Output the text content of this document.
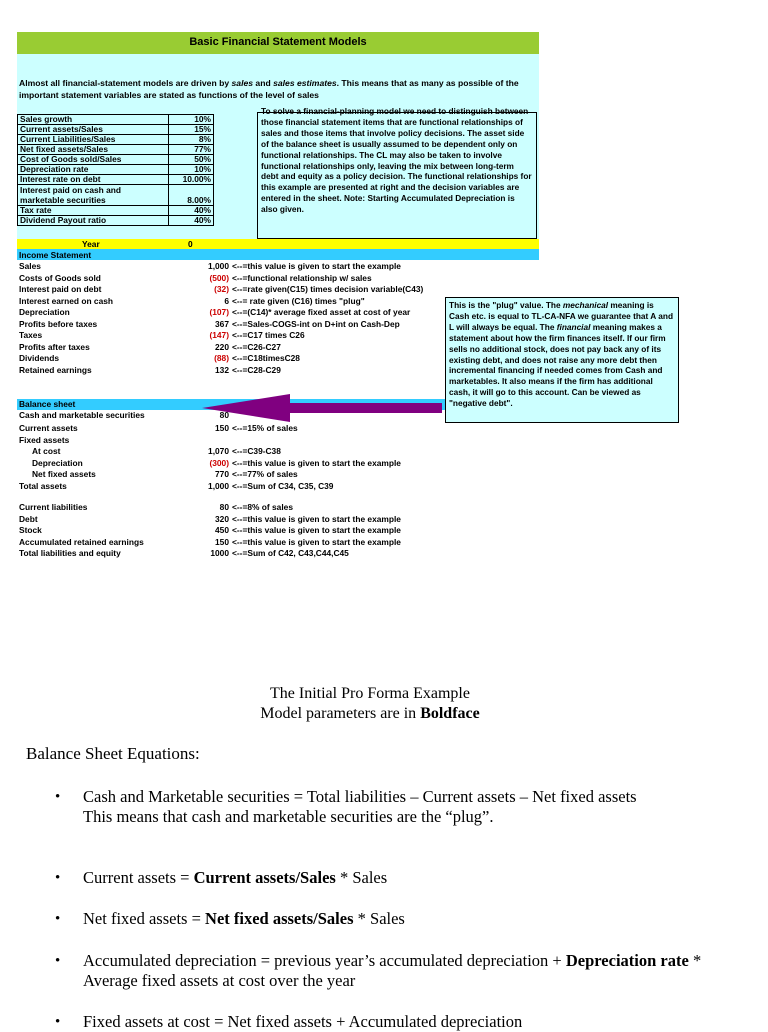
Basic Financial Statement Models
Almost all financial-statement models are driven by sales and sales estimates. This means that as many as possible of the important statement variables are stated as functions of the level of sales
Sales growth	10%
Current assets/Sales	15%
Current Liabilities/Sales	8%
Net fixed assets/Sales	77%
Cost of Goods sold/Sales	50%
Depreciation rate	10%
Interest rate on debt	10.00%
Interest paid on cash and marketable securities	8.00%
Tax rate	40%
Dividend Payout ratio	40%
To solve a financial-planning model we need to distinguish between those financial statement items that are functional relationships of sales and those items that involve policy decisions. The asset side of the balance sheet is usually assumed to be dependent only on functional relationships. The CL may also be taken to involve functional relationships only, leaving the mix between long-term debt and equity as a policy decision. The functional relationships for this example are presented at right and the decision variables are entered in the sheet. Note: Starting Accumulated Depreciation is also given.
Year	0
Income Statement
Sales	1,000 <--=this value is given to start the example
Costs of Goods sold	(500) <--=functional relationship w/ sales
Interest paid on debt	(32) <--=rate given(C15) times decision variable(C43)
Interest earned on cash	6 <--= rate given (C16) times "plug"
Depreciation	(107) <--=(C14)* average fixed asset at cost of year
Profits before taxes	367 <--=Sales-COGS-int on D+int on Cash-Dep
Taxes	(147) <--=C17 times C26
Profits after taxes	220 <--=C26-C27
Dividends	(88) <--=C18timesC28
Retained earnings	132 <--=C28-C29
This is the "plug" value. The mechanical meaning is Cash etc. is equal to TL-CA-NFA we guarantee that A and L will always be equal. The financial meaning makes a statement about how the firm finances itself. If our firm sells no additional stock, does not pay back any of its existing debt, and does not raise any more debt then incremental financing if needed comes from Cash and marketables. It also means if the firm has additional cash, it will go to this account. Can be viewed as "negative debt".
Balance sheet
Cash and marketable securities	80
Current assets	150 <--=15% of sales
Fixed assets
At cost	1,070 <--=C39-C38
Depreciation	(300) <--=this value is given to start the example
Net fixed assets	770 <--=77% of sales
Total assets	1,000 <--=Sum of C34, C35, C39
Current liabilities	80 <--=8% of sales
Debt	320 <--=this value is given to start the example
Stock	450 <--=this value is given to start the example
Accumulated retained earnings	150 <--=this value is given to start the example
Total liabilities and equity	1000 <--=Sum of C42, C43,C44,C45
The Initial Pro Forma Example
Model parameters are in Boldface
Balance Sheet Equations:
• Cash and Marketable securities = Total liabilities – Current assets – Net fixed assets
This means that cash and marketable securities are the “plug”.
• Current assets = Current assets/Sales * Sales
• Net fixed assets = Net fixed assets/Sales * Sales
• Accumulated depreciation = previous year’s accumulated depreciation + Depreciation rate * Average fixed assets at cost over the year
• Fixed assets at cost = Net fixed assets + Accumulated depreciation
